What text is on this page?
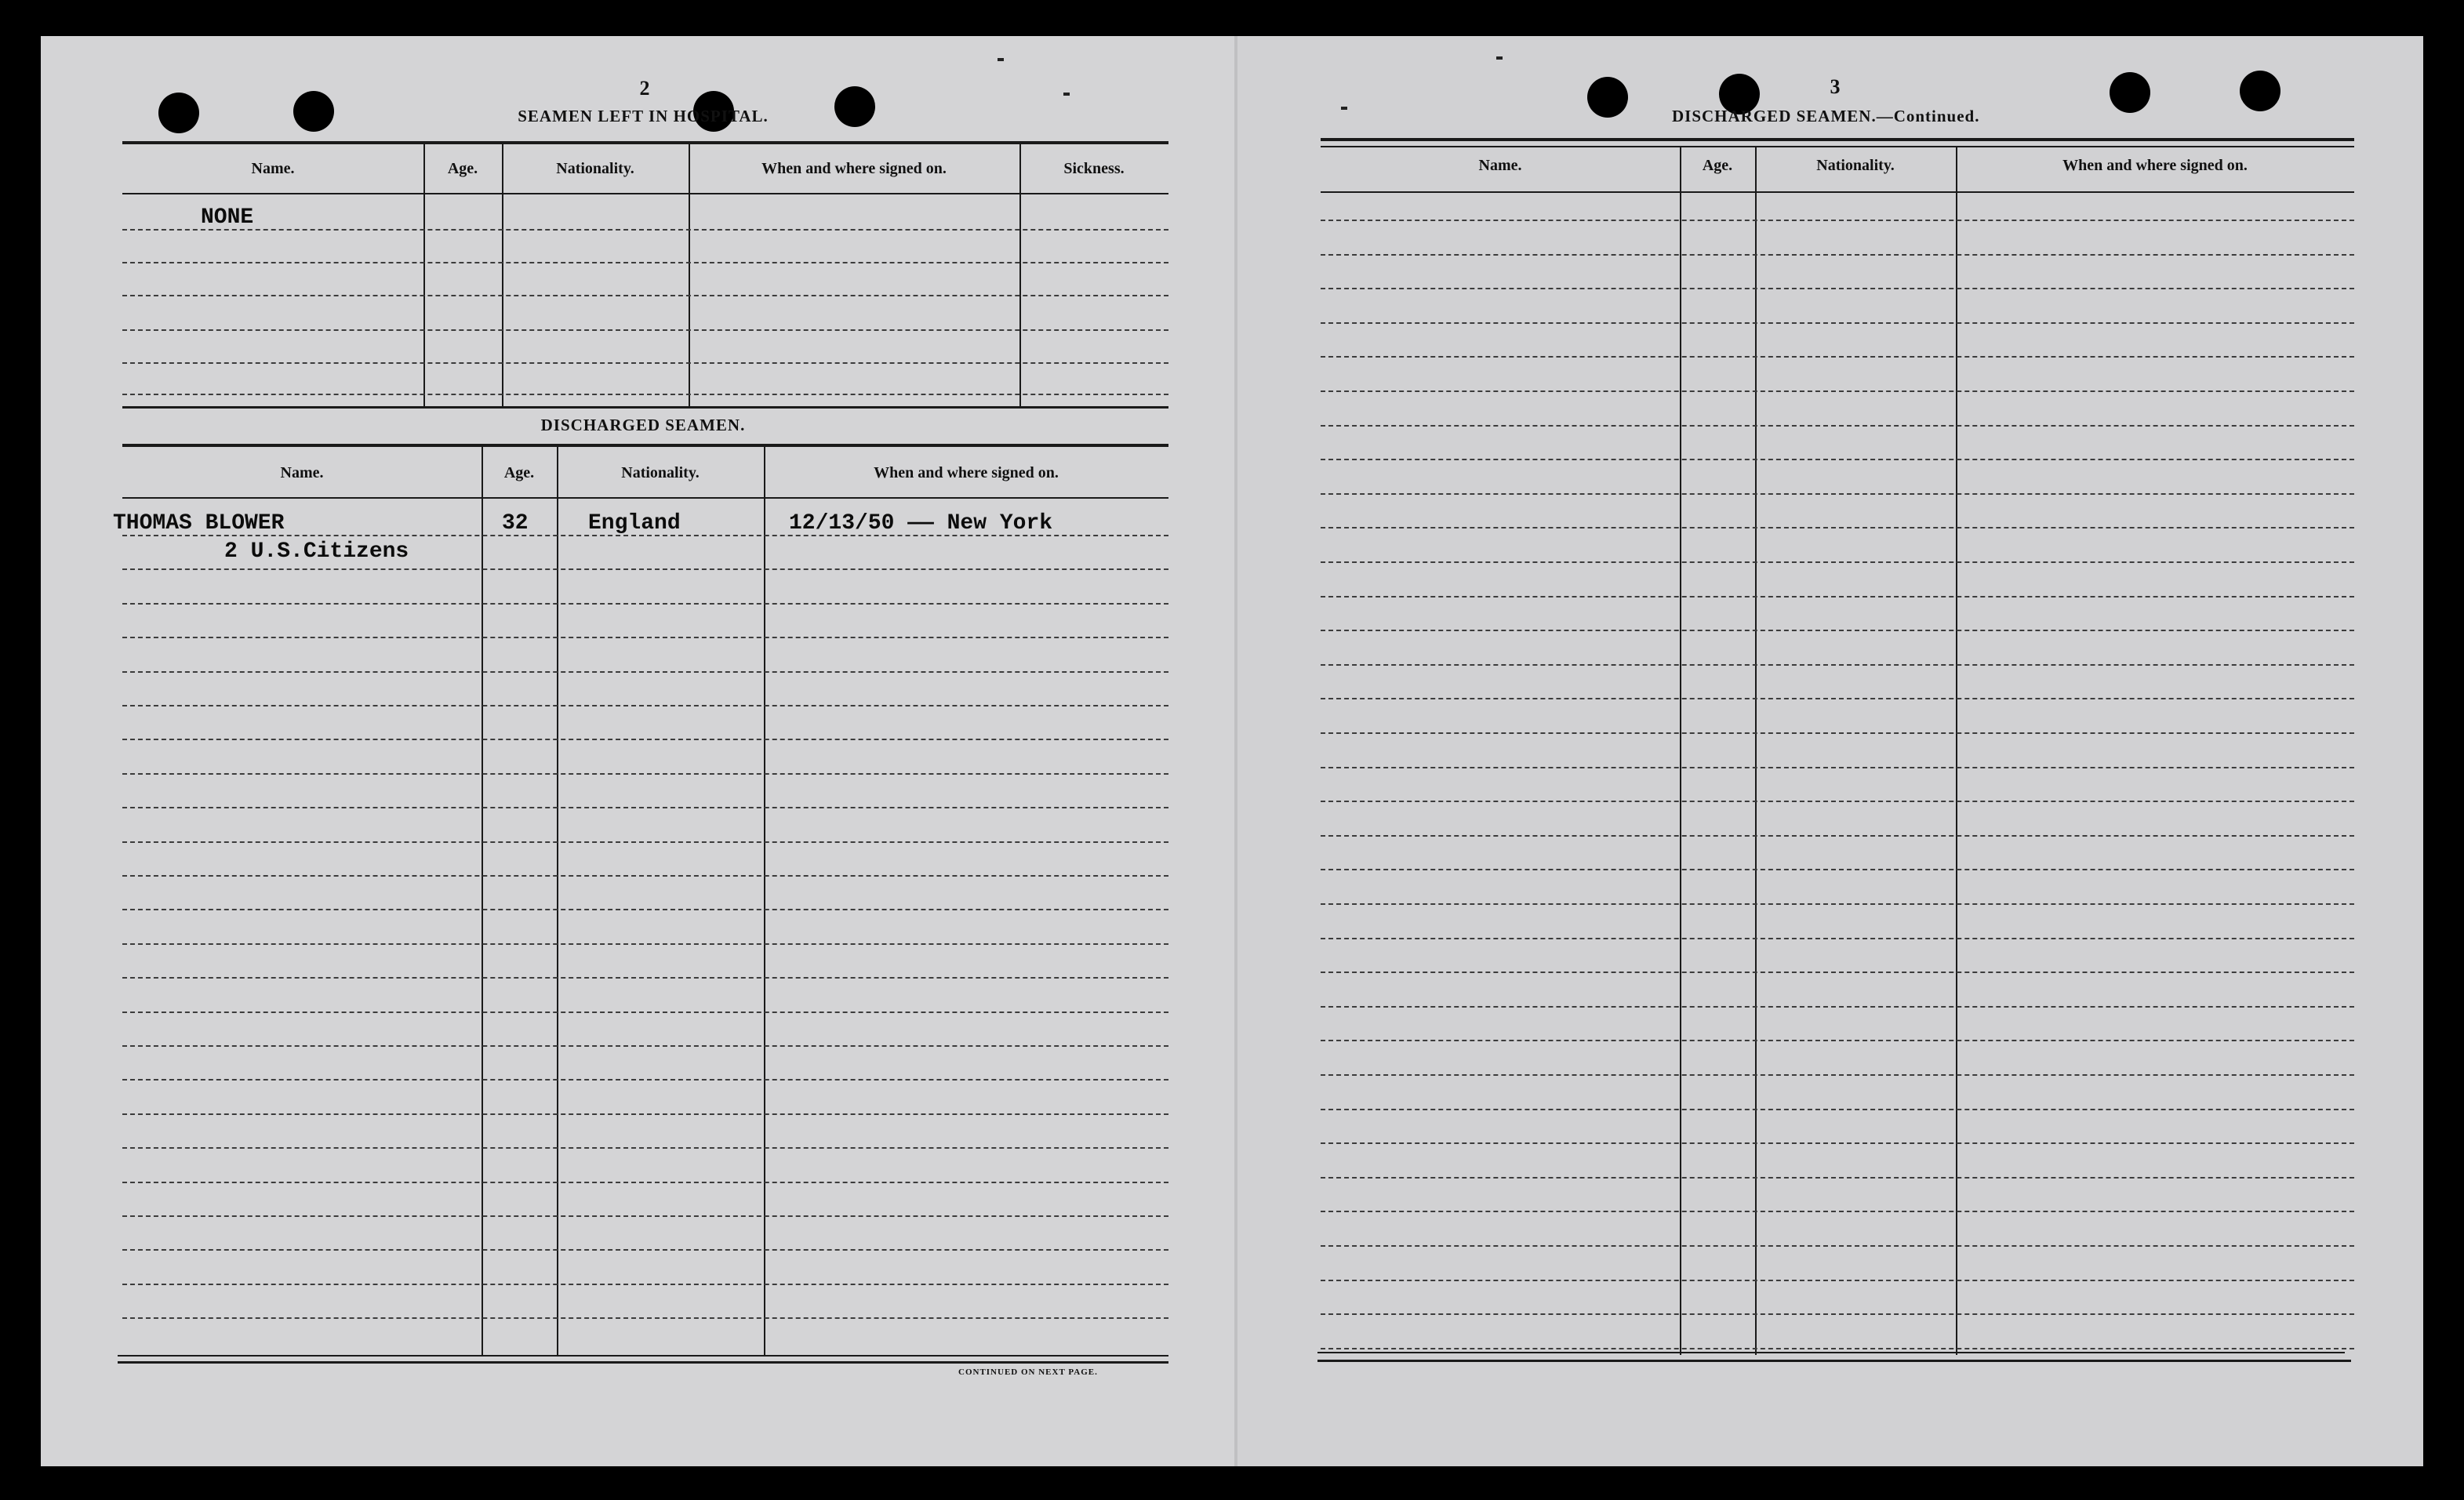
2
SEAMEN LEFT IN HOSPITAL.
Name.	Age.	Nationality.	When and where signed on.	Sickness.
NONE
DISCHARGED SEAMEN.
Name.	Age.	Nationality.	When and where signed on.
THOMAS BLOWER	32	England	12/13/50 —— New York
2 U.S.Citizens
CONTINUED ON NEXT PAGE.
3
DISCHARGED SEAMEN.—Continued.
Name.	Age.	Nationality.	When and where signed on.
